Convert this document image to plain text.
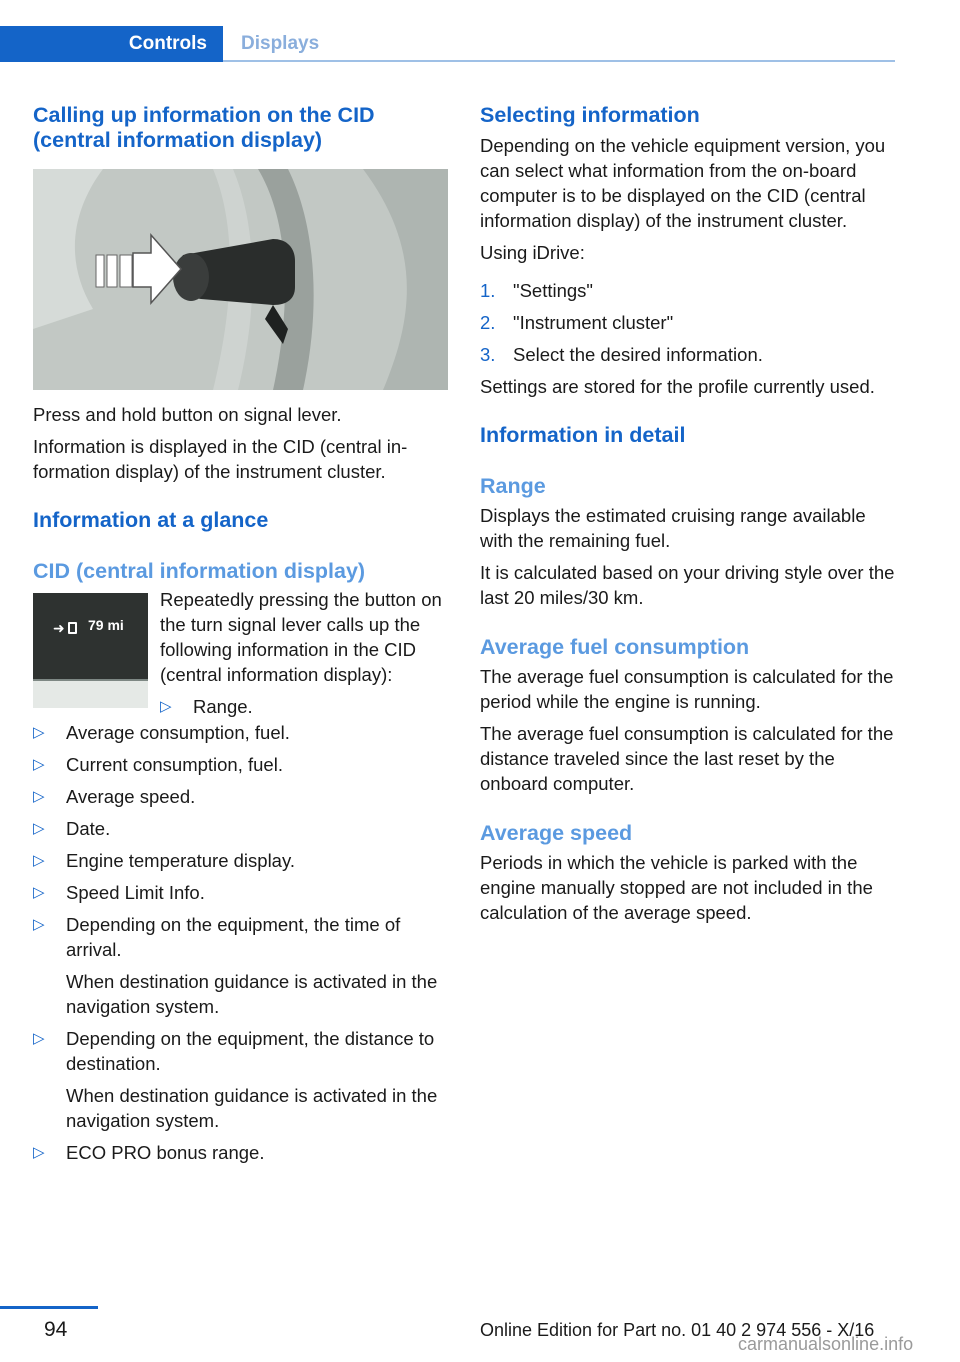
Controls	Displays
Calling up information on the CID (central information display)

Press and hold button on signal lever.

Information is displayed in the CID (central in-formation display) of the instrument cluster.

Information at a glance
CID (central information display)
➜ 79 mi

Repeatedly pressing the button on the turn signal lever calls up the following information in the CID (central information display):

▷ Range.
▷ Average consumption, fuel.
▷ Current consumption, fuel.
▷ Average speed.
▷ Date.
▷ Engine temperature display.
▷ Speed Limit Info.
▷ Depending on the equipment, the time of arrival.
When destination guidance is activated in the navigation system.
▷ Depending on the equipment, the distance to destination.
When destination guidance is activated in the navigation system.
▷ ECO PRO bonus range.
Selecting information

Depending on the vehicle equipment version, you can select what information from the on-board computer is to be displayed on the CID (central information display) of the instrument cluster.

Using iDrive:

1. "Settings"
2. "Instrument cluster"
3. Select the desired information.

Settings are stored for the profile currently used.

Information in detail
Range

Displays the estimated cruising range available with the remaining fuel.

It is calculated based on your driving style over the last 20 miles/30 km.

Average fuel consumption

The average fuel consumption is calculated for the period while the engine is running.

The average fuel consumption is calculated for the distance traveled since the last reset by the onboard computer.

Average speed

Periods in which the vehicle is parked with the engine manually stopped are not included in the calculation of the average speed.

94	Online Edition for Part no. 01 40 2 974 556 - X/16
carmanualsonline.info
